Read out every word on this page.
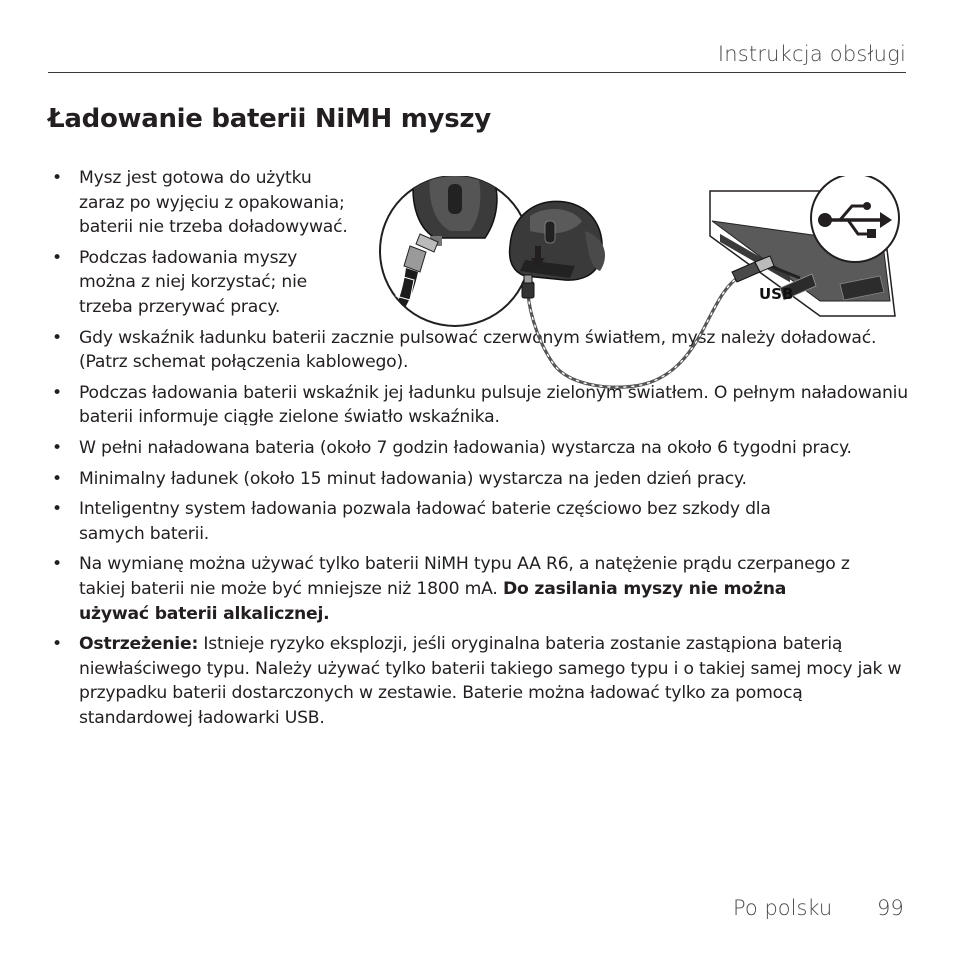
Instrukcja obsługi
Ładowanie baterii NiMH myszy
• Mysz jest gotowa do użytku zaraz po wyjęciu z opakowania; baterii nie trzeba doładowywać.
• Podczas ładowania myszy można z niej korzystać; nie trzeba przerywać pracy.
• Gdy wskaźnik ładunku baterii zacznie pulsować czerwonym światłem, mysz należy doładować. (Patrz schemat połączenia kablowego).
• Podczas ładowania baterii wskaźnik jej ładunku pulsuje zielonym światłem. O pełnym naładowaniu baterii informuje ciągłe zielone światło wskaźnika.
• W pełni naładowana bateria (około 7 godzin ładowania) wystarcza na około 6 tygodni pracy.
• Minimalny ładunek (około 15 minut ładowania) wystarcza na jeden dzień pracy.
• Inteligentny system ładowania pozwala ładować baterie częściowo bez szkody dla samych baterii.
• Na wymianę można używać tylko baterii NiMH typu AA R6, a natężenie prądu czerpanego z takiej baterii nie może być mniejsze niż 1800 mA. Do zasilania myszy nie można używać baterii alkalicznej.
• Ostrzeżenie: Istnieje ryzyko eksplozji, jeśli oryginalna bateria zostanie zastąpiona baterią niewłaściwego typu. Należy używać tylko baterii takiego samego typu i o takiej samej mocy jak w przypadku baterii dostarczonych w zestawie. Baterie można ładować tylko za pomocą standardowej ładowarki USB.
USB
Po polsku 99
